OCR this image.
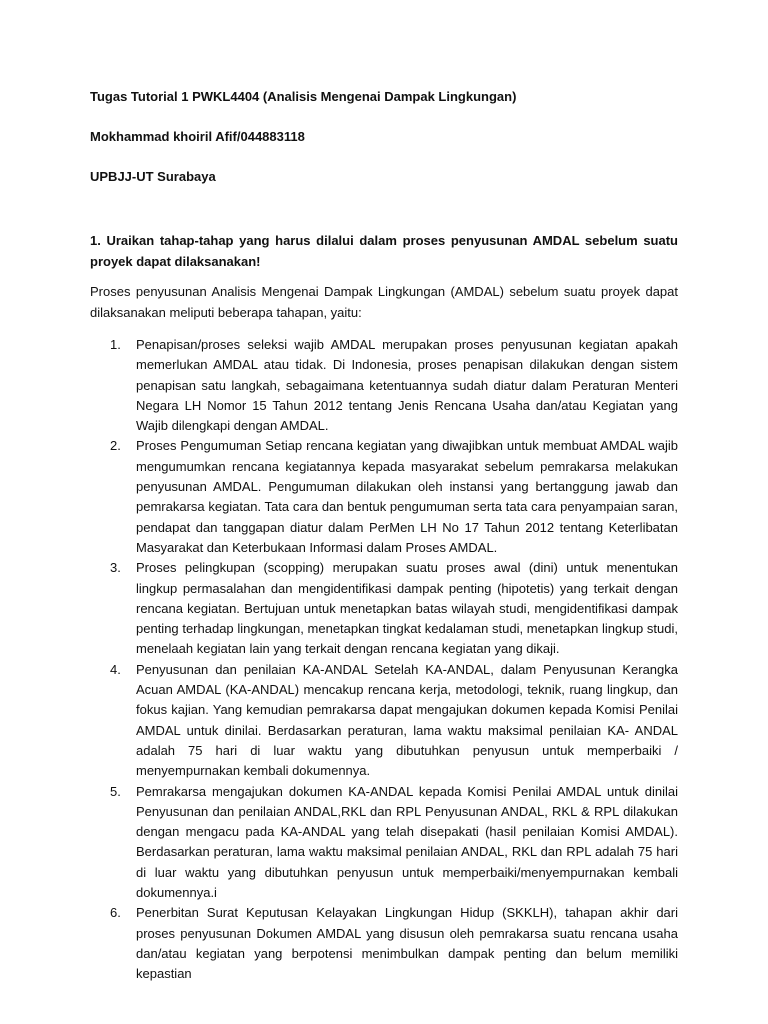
Tugas Tutorial 1 PWKL4404 (Analisis Mengenai Dampak Lingkungan)
Mokhammad khoiril Afif/044883118
UPBJJ-UT Surabaya
1. Uraikan tahap-tahap yang harus dilalui dalam proses penyusunan AMDAL sebelum suatu proyek dapat dilaksanakan!
Proses penyusunan Analisis Mengenai Dampak Lingkungan (AMDAL) sebelum suatu proyek dapat dilaksanakan meliputi beberapa tahapan, yaitu:
1. Penapisan/proses seleksi wajib AMDAL merupakan proses penyusunan kegiatan apakah memerlukan AMDAL atau tidak. Di Indonesia, proses penapisan dilakukan dengan sistem penapisan satu langkah, sebagaimana ketentuannya sudah diatur dalam Peraturan Menteri Negara LH Nomor 15 Tahun 2012 tentang Jenis Rencana Usaha dan/atau Kegiatan yang Wajib dilengkapi dengan AMDAL.
2. Proses Pengumuman Setiap rencana kegiatan yang diwajibkan untuk membuat AMDAL wajib mengumumkan rencana kegiatannya kepada masyarakat sebelum pemrakarsa melakukan penyusunan AMDAL. Pengumuman dilakukan oleh instansi yang bertanggung jawab dan pemrakarsa kegiatan. Tata cara dan bentuk pengumuman serta tata cara penyampaian saran, pendapat dan tanggapan diatur dalam PerMen LH No 17 Tahun 2012 tentang Keterlibatan Masyarakat dan Keterbukaan Informasi dalam Proses AMDAL.
3. Proses pelingkupan (scopping) merupakan suatu proses awal (dini) untuk menentukan lingkup permasalahan dan mengidentifikasi dampak penting (hipotetis) yang terkait dengan rencana kegiatan. Bertujuan untuk menetapkan batas wilayah studi, mengidentifikasi dampak penting terhadap lingkungan, menetapkan tingkat kedalaman studi, menetapkan lingkup studi, menelaah kegiatan lain yang terkait dengan rencana kegiatan yang dikaji.
4. Penyusunan dan penilaian KA-ANDAL Setelah KA-ANDAL, dalam Penyusunan Kerangka Acuan AMDAL (KA-ANDAL) mencakup rencana kerja, metodologi, teknik, ruang lingkup, dan fokus kajian. Yang kemudian pemrakarsa dapat mengajukan dokumen kepada Komisi Penilai AMDAL untuk dinilai. Berdasarkan peraturan, lama waktu maksimal penilaian KA- ANDAL adalah 75 hari di luar waktu yang dibutuhkan penyusun untuk memperbaiki / menyempurnakan kembali dokumennya.
5. Pemrakarsa mengajukan dokumen KA-ANDAL kepada Komisi Penilai AMDAL untuk dinilai Penyusunan dan penilaian ANDAL,RKL dan RPL Penyusunan ANDAL, RKL & RPL dilakukan dengan mengacu pada KA-ANDAL yang telah disepakati (hasil penilaian Komisi AMDAL). Berdasarkan peraturan, lama waktu maksimal penilaian ANDAL, RKL dan RPL adalah 75 hari di luar waktu yang dibutuhkan penyusun untuk memperbaiki/menyempurnakan kembali dokumennya.i
6. Penerbitan Surat Keputusan Kelayakan Lingkungan Hidup (SKKLH), tahapan akhir dari proses penyusunan Dokumen AMDAL yang disusun oleh pemrakarsa suatu rencana usaha dan/atau kegiatan yang berpotensi menimbulkan dampak penting dan belum memiliki kepastian
